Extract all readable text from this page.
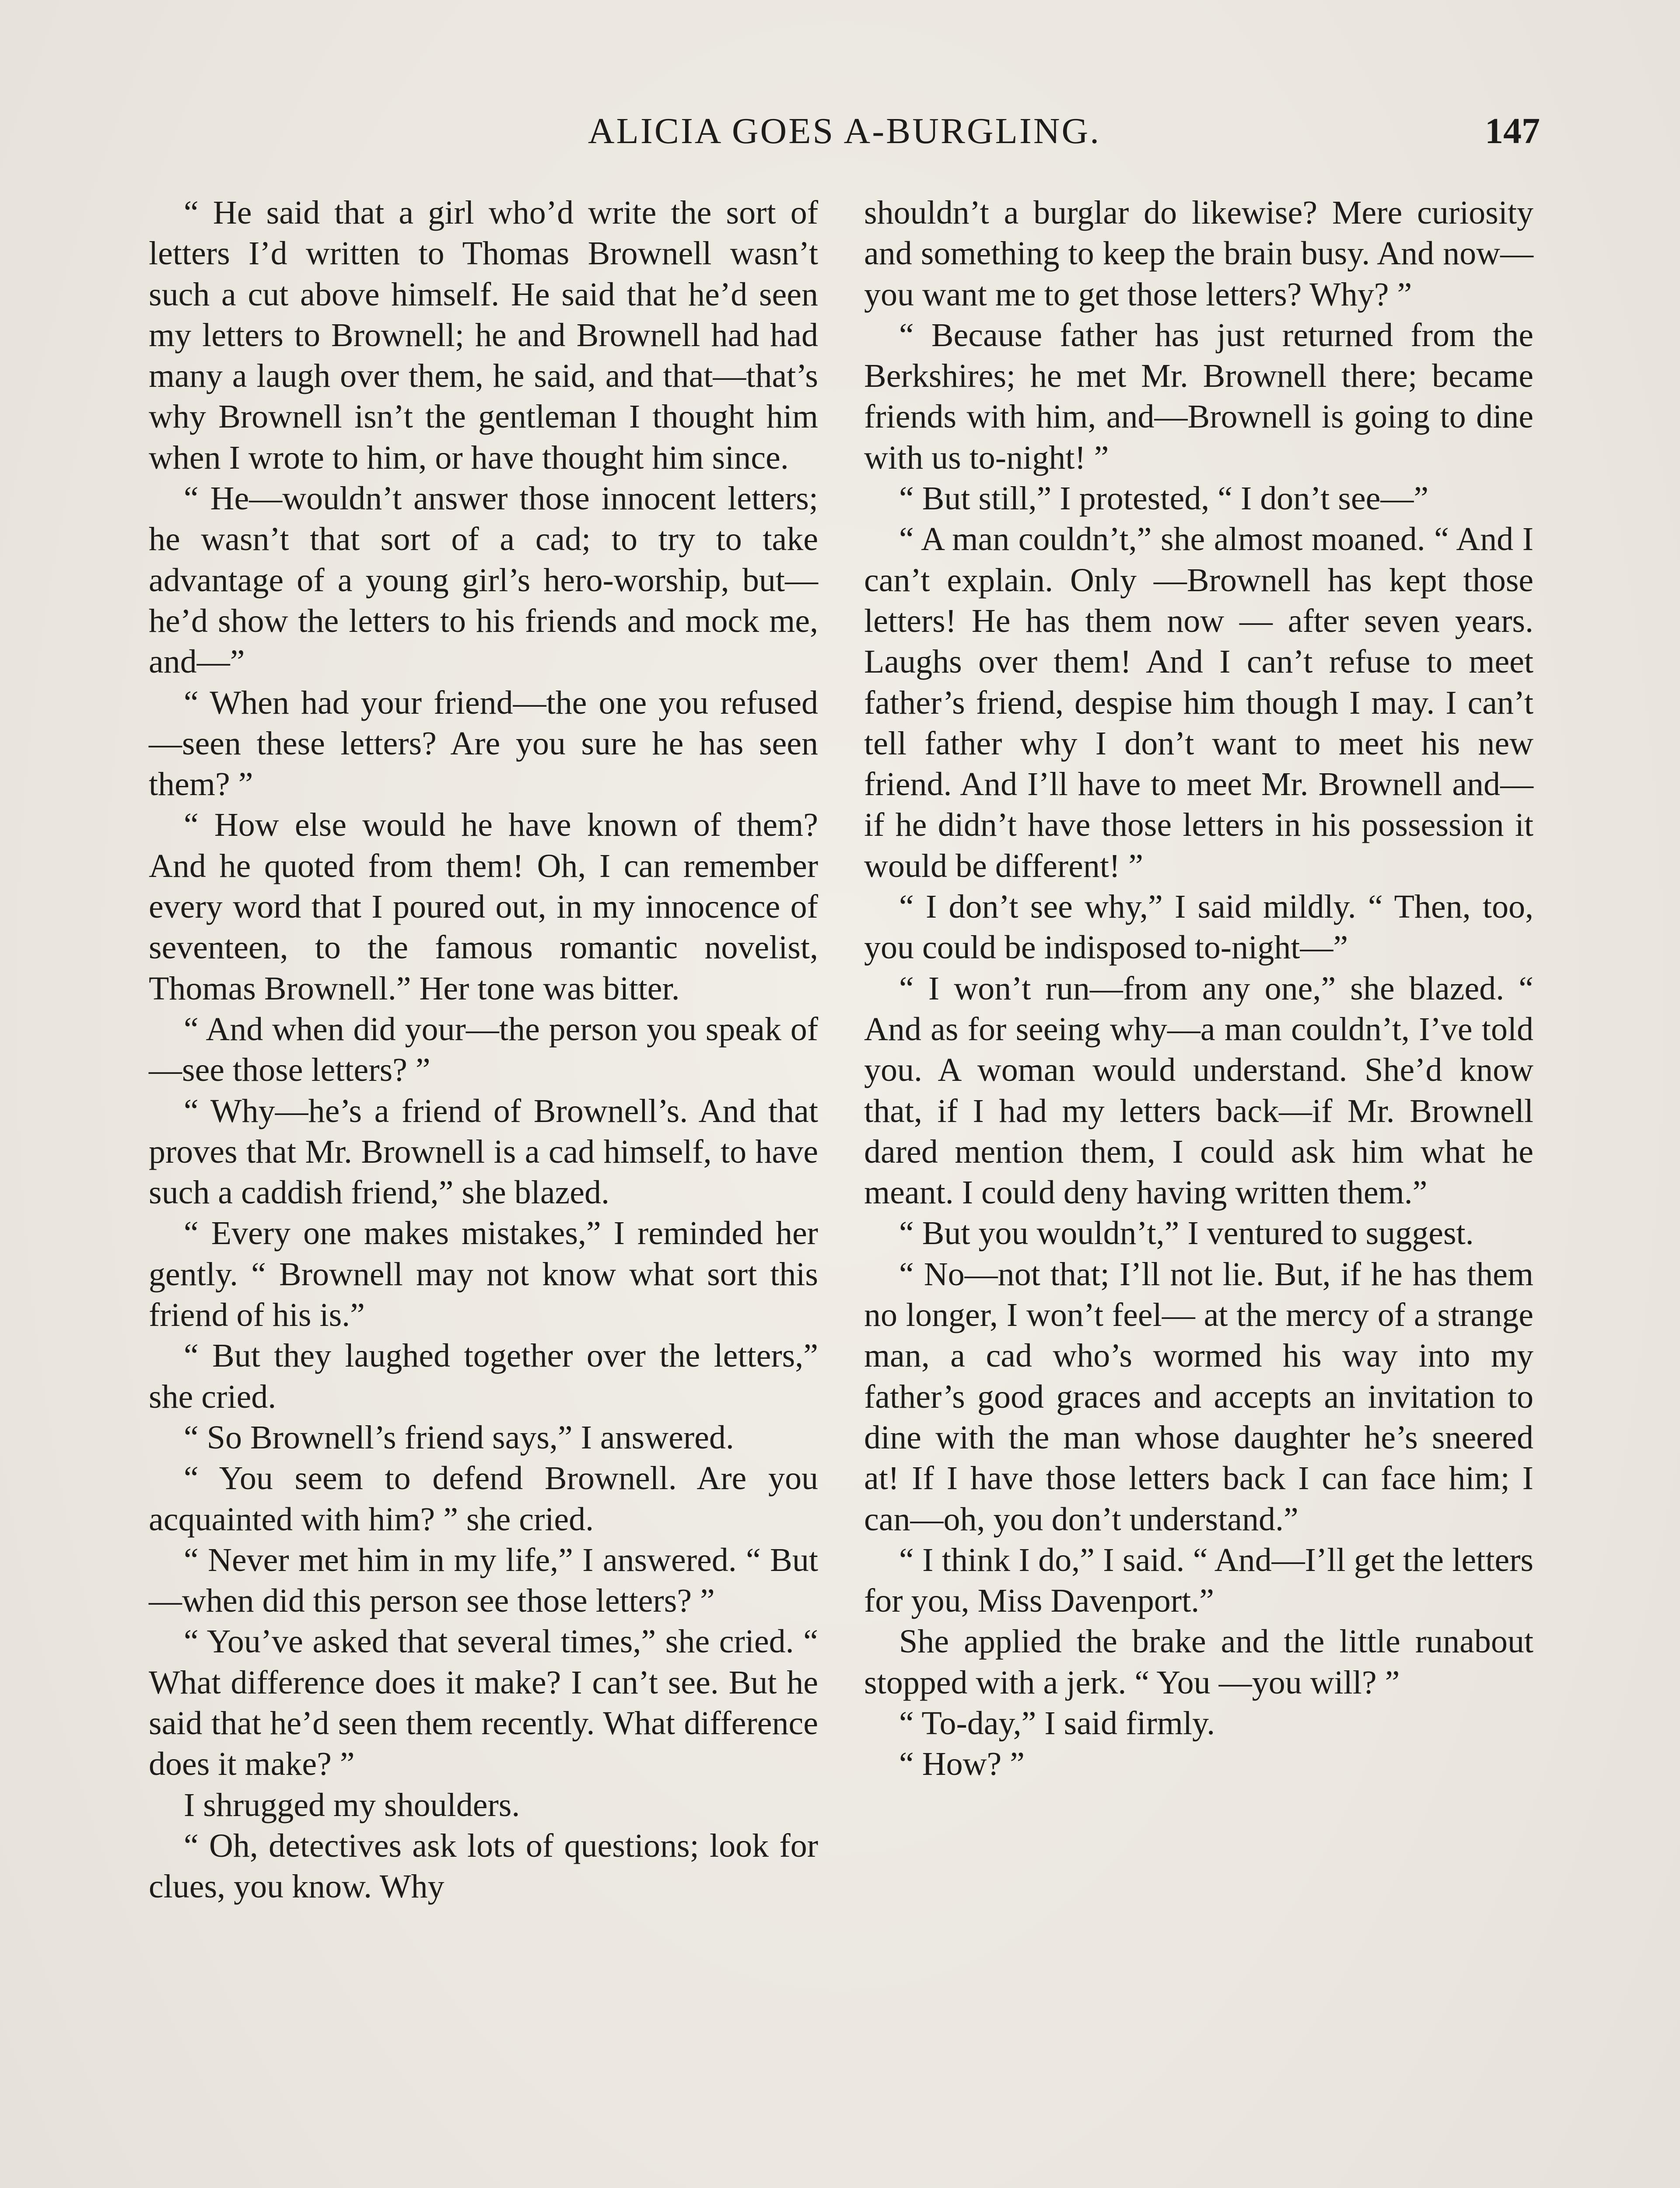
ALICIA GOES A-BURGLING.	147

“ He said that a girl who’d write the sort of letters I’d written to Thomas Brownell wasn’t such a cut above himself. He said that he’d seen my letters to Brownell; he and Brownell had had many a laugh over them, he said, and that—that’s why Brownell isn’t the gentleman I thought him when I wrote to him, or have thought him since.

“ He—wouldn’t answer those innocent letters; he wasn’t that sort of a cad; to try to take advantage of a young girl’s hero-worship, but—he’d show the letters to his friends and mock me, and—”

“ When had your friend—the one you refused—seen these letters? Are you sure he has seen them? ”

“ How else would he have known of them? And he quoted from them! Oh, I can remember every word that I poured out, in my innocence of seventeen, to the famous romantic novelist, Thomas Brownell.” Her tone was bitter.

“ And when did your—the person you speak of—see those letters? ”

“ Why—he’s a friend of Brownell’s. And that proves that Mr. Brownell is a cad himself, to have such a caddish friend,” she blazed.

“ Every one makes mistakes,” I reminded her gently. “ Brownell may not know what sort this friend of his is.”

“ But they laughed together over the letters,” she cried.

“ So Brownell’s friend says,” I answered.

“ You seem to defend Brownell. Are you acquainted with him? ” she cried.

“ Never met him in my life,” I answered. “ But—when did this person see those letters? ”

“ You’ve asked that several times,” she cried. “ What difference does it make? I can’t see. But he said that he’d seen them recently. What difference does it make? ”

I shrugged my shoulders.

“ Oh, detectives ask lots of questions; look for clues, you know. Why

shouldn’t a burglar do likewise? Mere curiosity and something to keep the brain busy. And now—you want me to get those letters? Why? ”

“ Because father has just returned from the Berkshires; he met Mr. Brownell there; became friends with him, and—Brownell is going to dine with us to-night! ”

“ But still,” I protested, “ I don’t see—”

“ A man couldn’t,” she almost moaned. “ And I can’t explain. Only —Brownell has kept those letters! He has them now — after seven years. Laughs over them! And I can’t refuse to meet father’s friend, despise him though I may. I can’t tell father why I don’t want to meet his new friend. And I’ll have to meet Mr. Brownell and—if he didn’t have those letters in his possession it would be different! ”

“ I don’t see why,” I said mildly. “ Then, too, you could be indisposed to-night—”

“ I won’t run—from any one,” she blazed. “ And as for seeing why—a man couldn’t, I’ve told you. A woman would understand. She’d know that, if I had my letters back—if Mr. Brownell dared mention them, I could ask him what he meant. I could deny having written them.”

“ But you wouldn’t,” I ventured to suggest.

“ No—not that; I’ll not lie. But, if he has them no longer, I won’t feel— at the mercy of a strange man, a cad who’s wormed his way into my father’s good graces and accepts an invitation to dine with the man whose daughter he’s sneered at! If I have those letters back I can face him; I can—oh, you don’t understand.”

“ I think I do,” I said. “ And—I’ll get the letters for you, Miss Davenport.”

She applied the brake and the little runabout stopped with a jerk. “ You —you will? ”

“ To-day,” I said firmly.

“ How? ”
